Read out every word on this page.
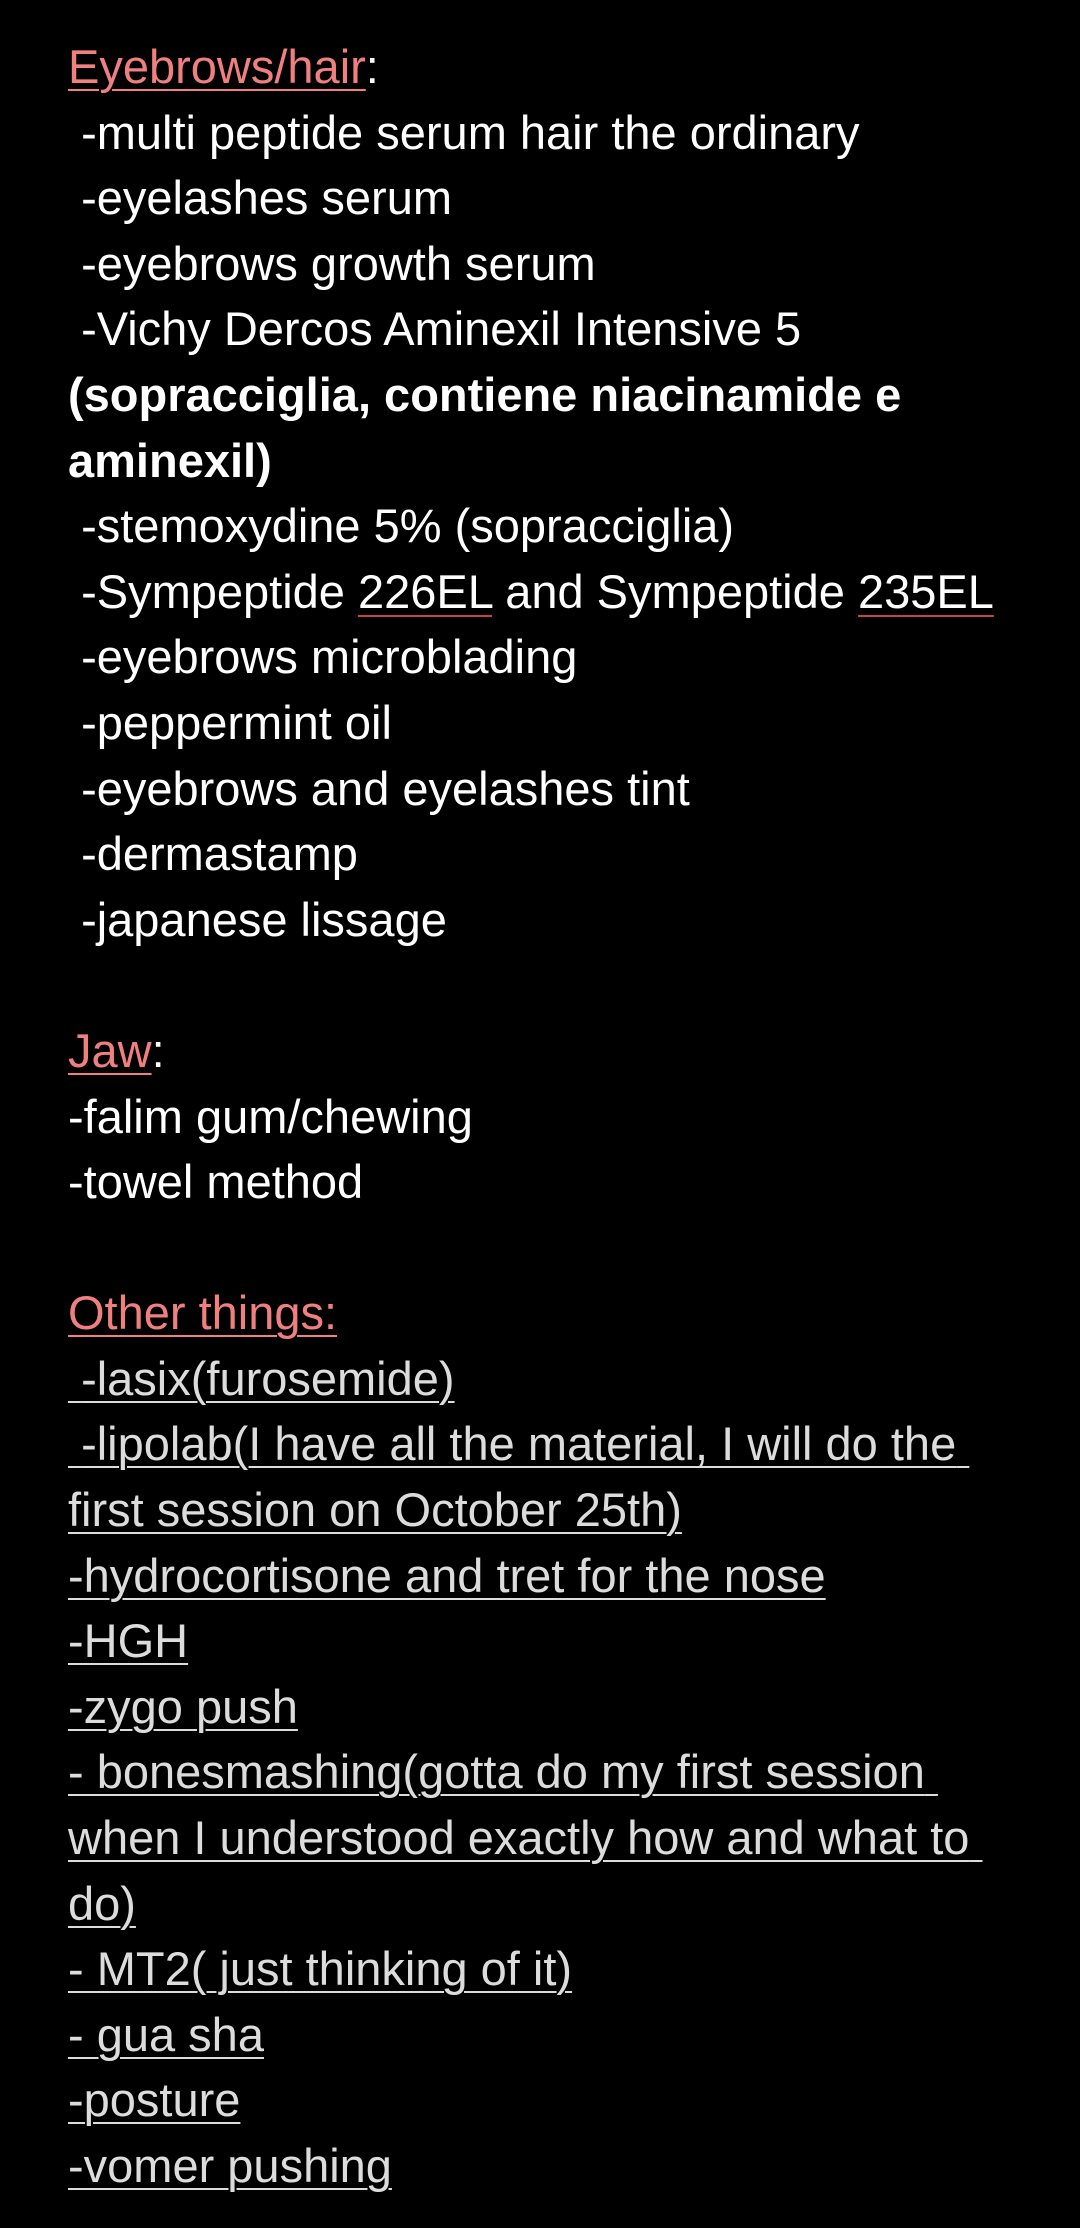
Eyebrows/hair:

-multi peptide serum hair the ordinary

-eyelashes serum

-eyebrows growth serum

-Vichy Dercos Aminexil Intensive 5

(sopracciglia, contiene niacinamide e aminexil)

-stemoxydine 5% (sopracciglia)

-Sympeptide 226EL and Sympeptide 235EL

-eyebrows microblading

-peppermint oil

-eyebrows and eyelashes tint

-dermastamp

-japanese lissage

Jaw:

-falim gum/chewing

-towel method

Other things:

-lasix(furosemide)

-lipolab(I have all the material, I will do the first session on October 25th)

-hydrocortisone and tret for the nose

-HGH

-zygo push

- bonesmashing(gotta do my first session when I understood exactly how and what to do)

- MT2( just thinking of it)

- gua sha

-posture

-vomer pushing
